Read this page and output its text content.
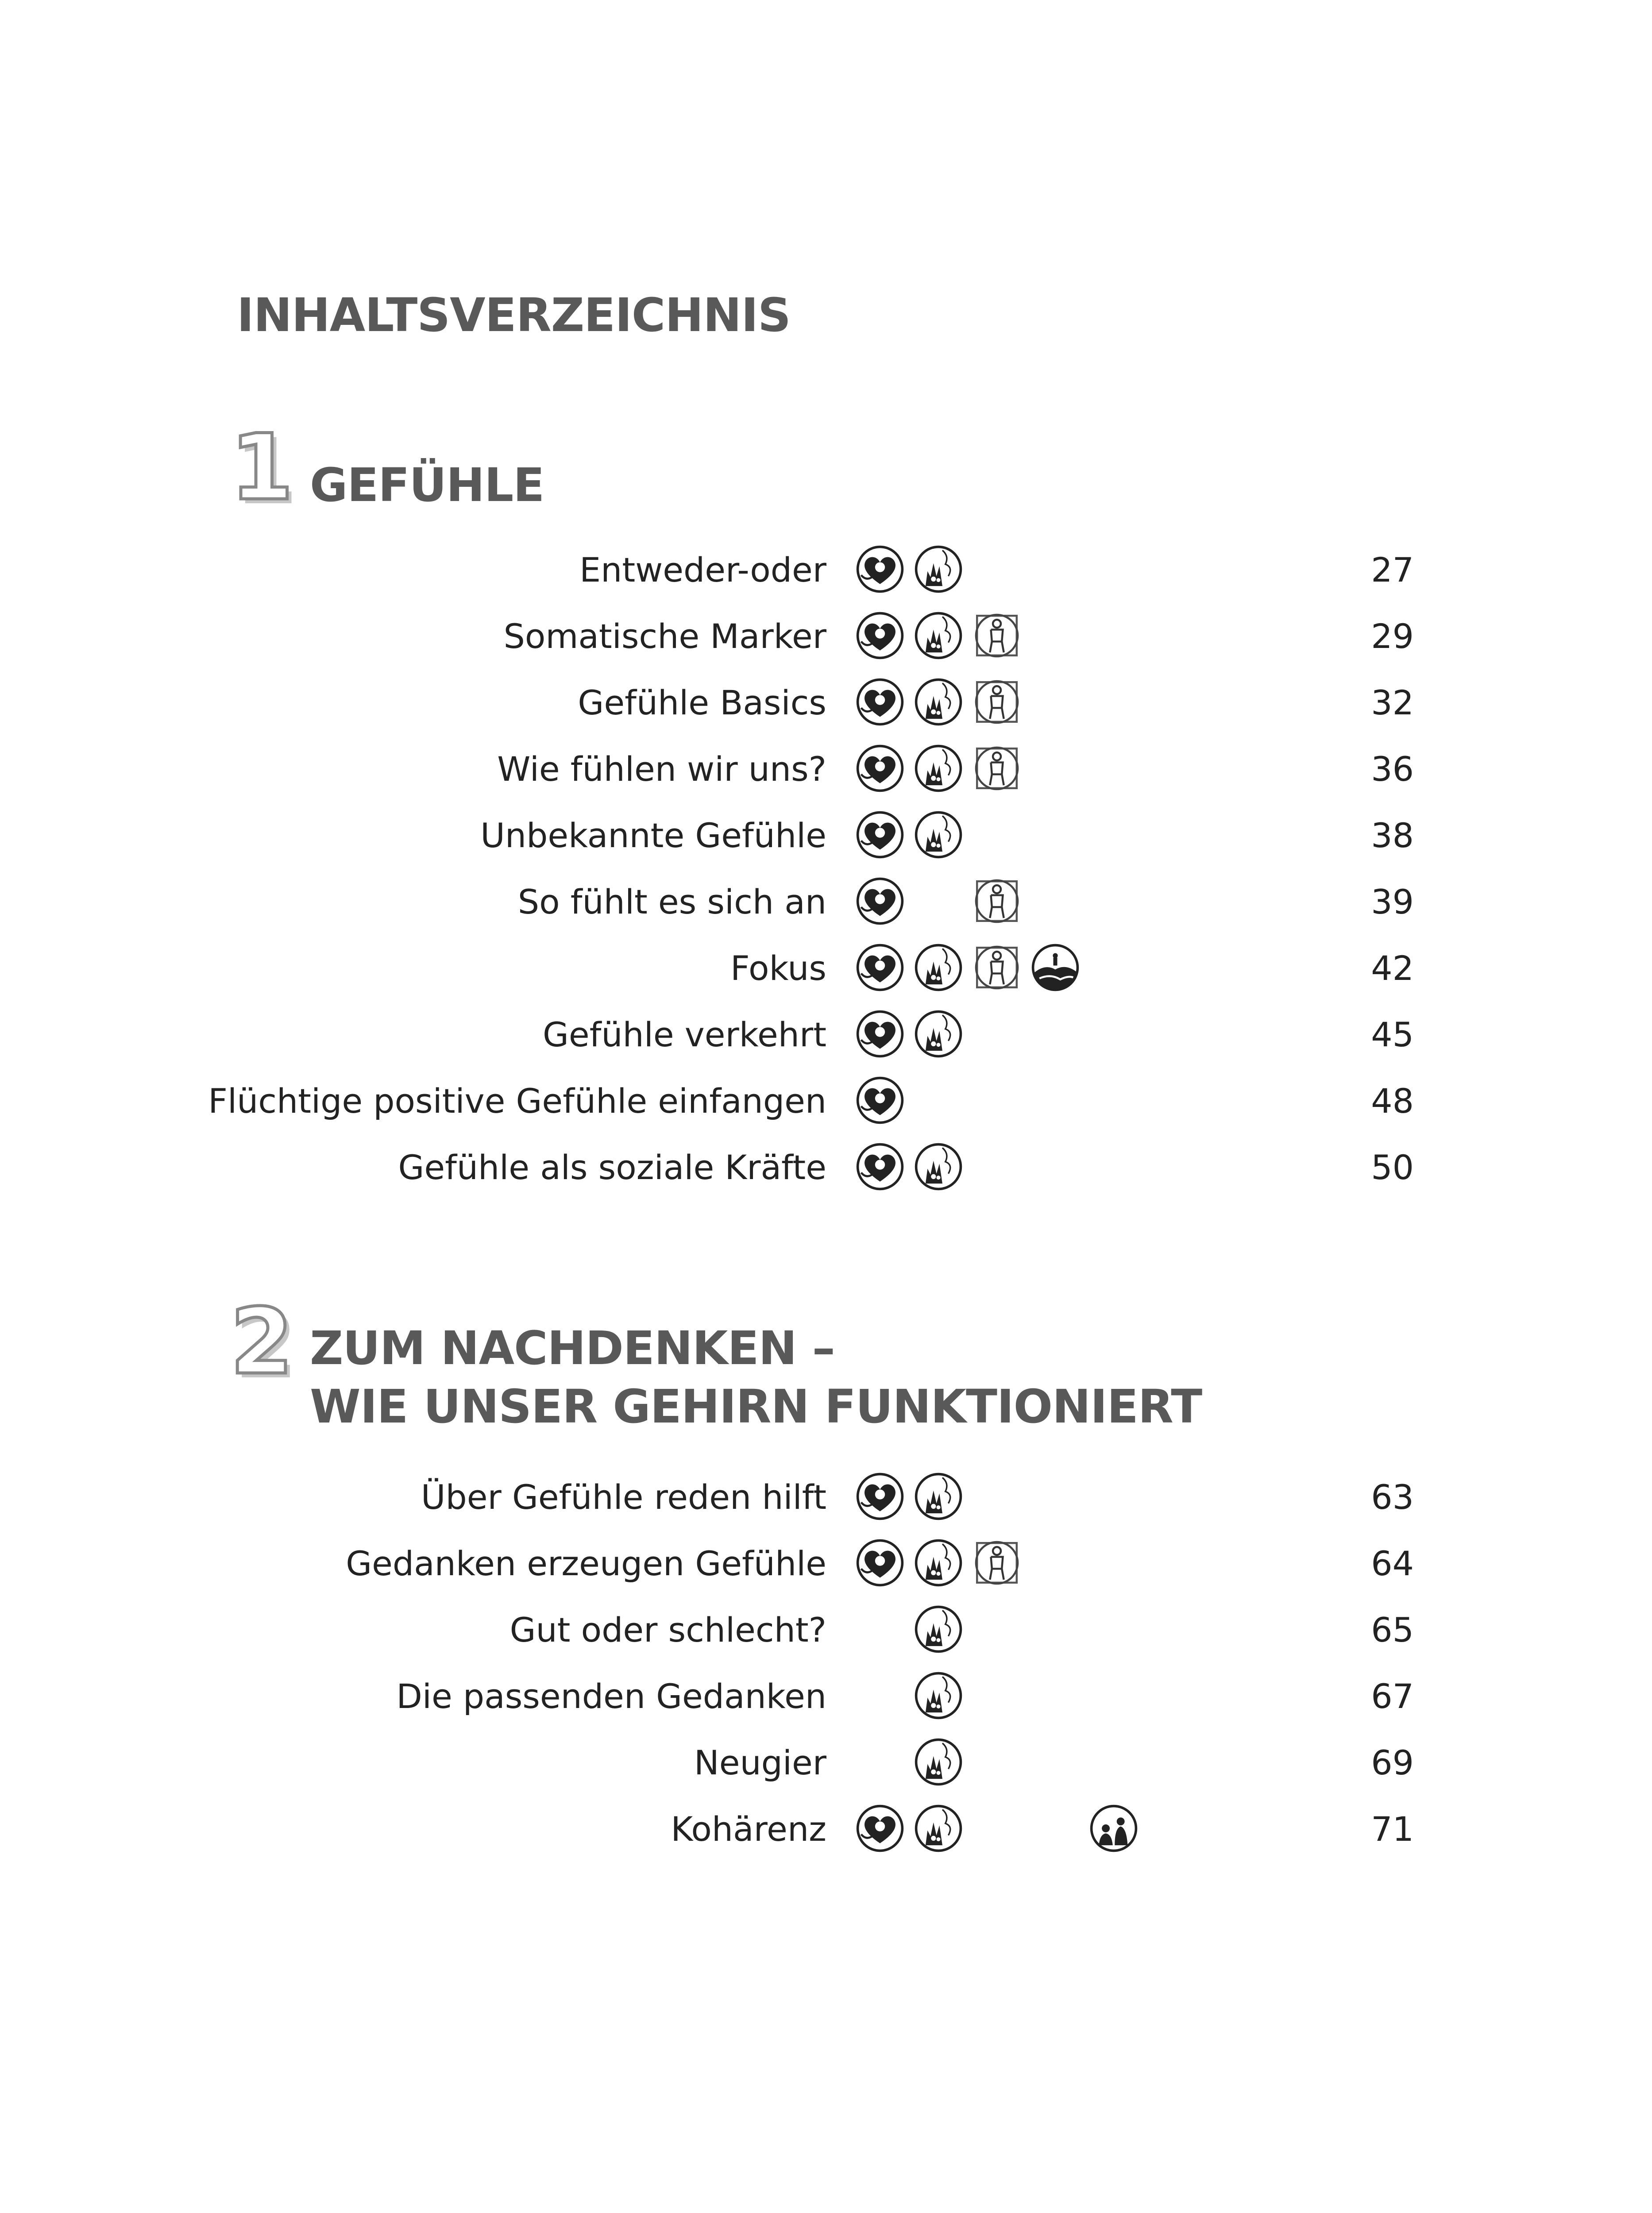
INHALTSVERZEICHNIS
1 GEFÜHLE
Entweder-oder	27
Somatische Marker	29
Gefühle Basics	32
Wie fühlen wir uns?	36
Unbekannte Gefühle	38
So fühlt es sich an	39
Fokus	42
Gefühle verkehrt	45
Flüchtige positive Gefühle einfangen	48
Gefühle als soziale Kräfte	50
2 ZUM NACHDENKEN –
WIE UNSER GEHIRN FUNKTIONIERT
Über Gefühle reden hilft	63
Gedanken erzeugen Gefühle	64
Gut oder schlecht?	65
Die passenden Gedanken	67
Neugier	69
Kohärenz	71
